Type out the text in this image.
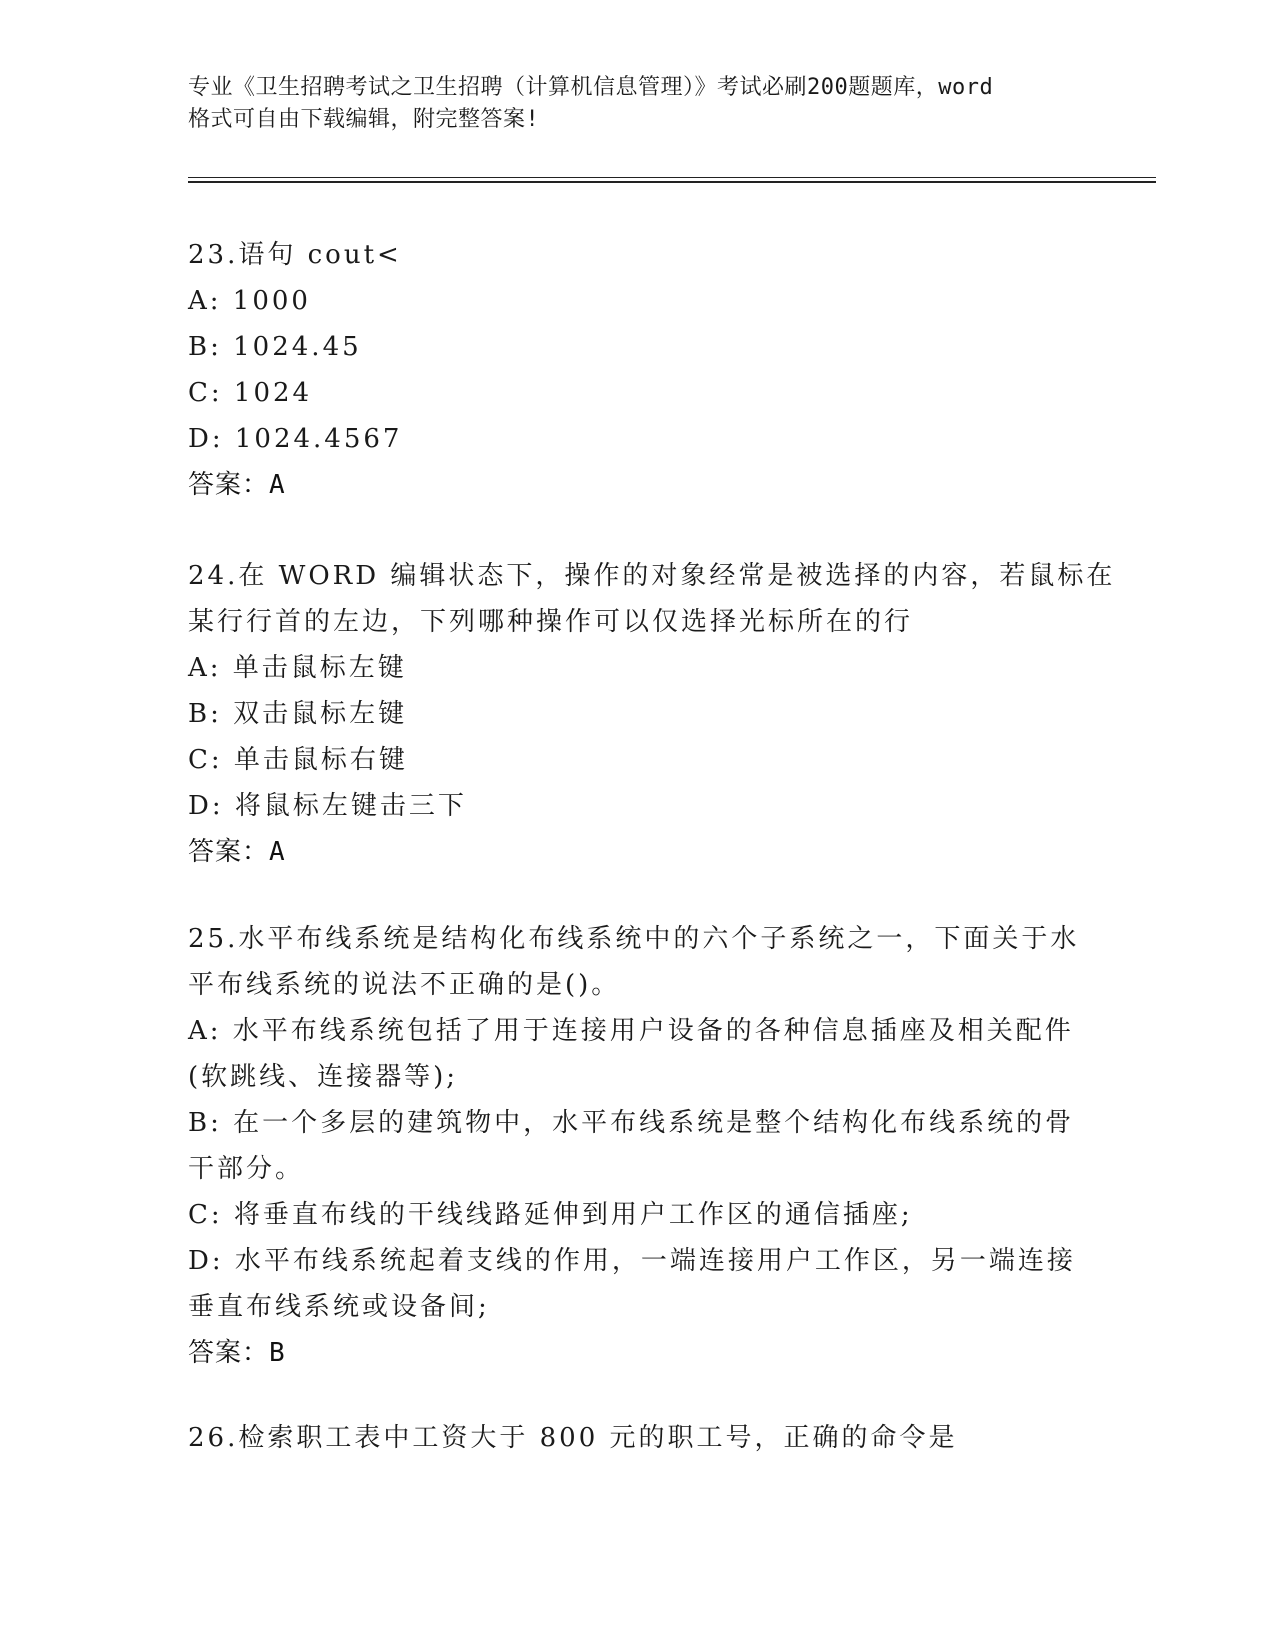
专业《卫生招聘考试之卫生招聘（计算机信息管理）》考试必刷200题题库，word
格式可自由下载编辑，附完整答案!
23.语句 cout<
A: 1000
B: 1024.45
C: 1024
D: 1024.4567
答案：A
24.在 WORD 编辑状态下，操作的对象经常是被选择的内容，若鼠标在
某行行首的左边，下列哪种操作可以仅选择光标所在的行
A: 单击鼠标左键
B: 双击鼠标左键
C: 单击鼠标右键
D: 将鼠标左键击三下
答案：A
25.水平布线系统是结构化布线系统中的六个子系统之一，下面关于水
平布线系统的说法不正确的是()。
A: 水平布线系统包括了用于连接用户设备的各种信息插座及相关配件
(软跳线、连接器等);
B: 在一个多层的建筑物中，水平布线系统是整个结构化布线系统的骨
干部分。
C: 将垂直布线的干线线路延伸到用户工作区的通信插座;
D: 水平布线系统起着支线的作用，一端连接用户工作区，另一端连接
垂直布线系统或设备间;
答案：B
26.检索职工表中工资大于 800 元的职工号，正确的命令是
